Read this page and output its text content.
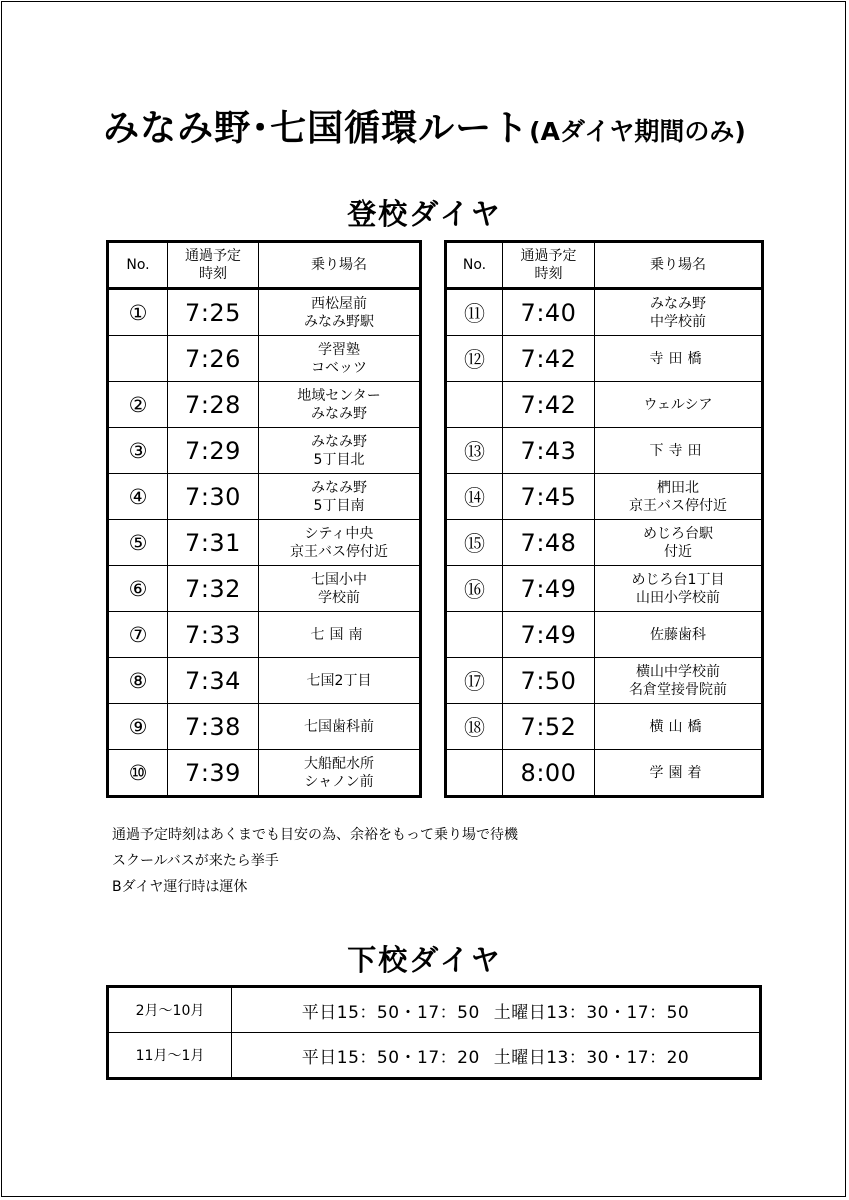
みなみ野･七国循環ルート(Aダイヤ期間のみ)
登校ダイヤ
No.	通過予定
時刻	乗り場名
①	7:25	西松屋前
みなみ野駅
	7:26	学習塾
コベッツ
②	7:28	地域センター
みなみ野
③	7:29	みなみ野
5丁目北
④	7:30	みなみ野
5丁目南
⑤	7:31	シティ中央
京王バス停付近
⑥	7:32	七国小中
学校前
⑦	7:33	七国南
⑧	7:34	七国2丁目
⑨	7:38	七国歯科前
⑩	7:39	大船配水所
シャノン前
No.	通過予定
時刻	乗り場名
⑪	7:40	みなみ野
中学校前
⑫	7:42	寺田橋
	7:42	ウェルシア
⑬	7:43	下寺田
⑭	7:45	椚田北
京王バス停付近
⑮	7:48	めじろ台駅
付近
⑯	7:49	めじろ台1丁目
山田小学校前
	7:49	佐藤歯科
⑰	7:50	横山中学校前
名倉堂接骨院前
⑱	7:52	横山橋
	8:00	学園着
通過予定時刻はあくまでも目安の為、余裕をもって乗り場で待機
スクールバスが来たら挙手
Bダイヤ運行時は運休
下校ダイヤ
2月～10月	平日15：50・17：50 土曜日13：30・17：50
11月～1月	平日15：50・17：20 土曜日13：30・17：20
